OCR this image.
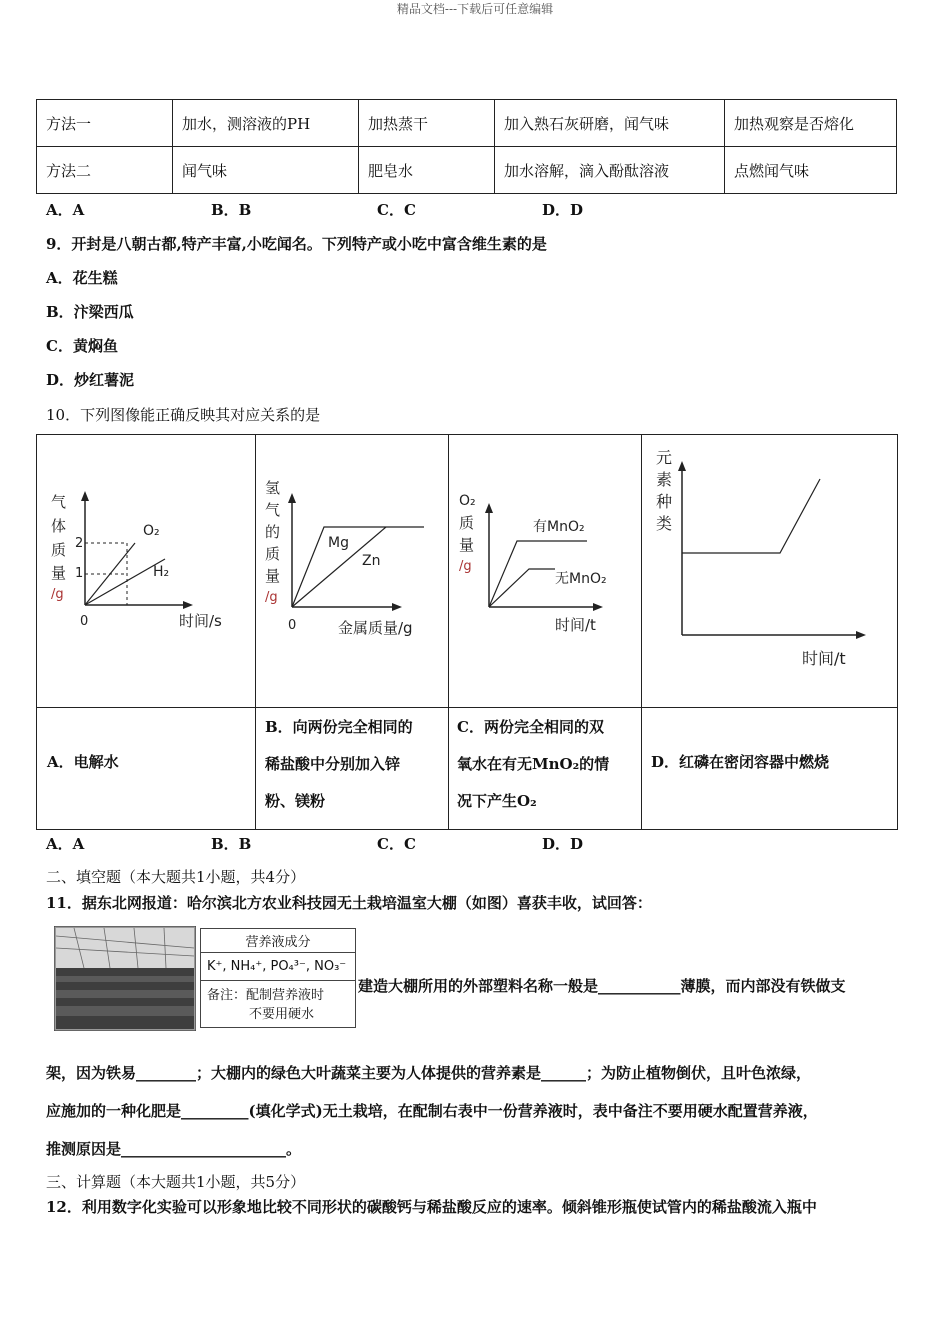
精品文档---下载后可任意编辑
方法一	加水，测溶液的PH	加热蒸干	加入熟石灰研磨，闻气味	加热观察是否熔化
方法二	闻气味	肥皂水	加水溶解，滴入酚酞溶液	点燃闻气味
A．A	B．B	C．C	D．D
9．开封是八朝古都,特产丰富,小吃闻名。下列特产或小吃中富含维生素的是
A．花生糕
B．汴梁西瓜
C．黄焖鱼
D．炒红薯泥
10．下列图像能正确反映其对应关系的是
气
体
质
量
/g
0
2
1
O₂
H₂
时间/s
氢
气
的
质
量
/g
0
Mg
Zn
金属质量/g
O₂
质
量
/g
有MnO₂
无MnO₂
时间/t
元
素
种
类
时间/t
A．电解水
B．向两份完全相同的
稀盐酸中分别加入锌
粉、镁粉
C．两份完全相同的双
氧水在有无MnO₂的情
况下产生O₂
D．红磷在密闭容器中燃烧
A．A	B．B	C．C	D．D
二、填空题（本大题共1小题，共4分）
11．据东北网报道：哈尔滨北方农业科技园无土栽培温室大棚（如图）喜获丰收，试回答：
营养液成分
K⁺, NH₄⁺, PO₄³⁻, NO₃⁻
备注：配制营养液时
不要用硬水
建造大棚所用的外部塑料名称一般是___________薄膜，而内部没有铁做支
架，因为铁易________；大棚内的绿色大叶蔬菜主要为人体提供的营养素是______；为防止植物倒伏，且叶色浓绿，
应施加的一种化肥是_________(填化学式)无土栽培，在配制右表中一份营养液时，表中备注不要用硬水配置营养液，
推测原因是______________________。
三、计算题（本大题共1小题，共5分）
12．利用数字化实验可以形象地比较不同形状的碳酸钙与稀盐酸反应的速率。倾斜锥形瓶使试管内的稀盐酸流入瓶中
